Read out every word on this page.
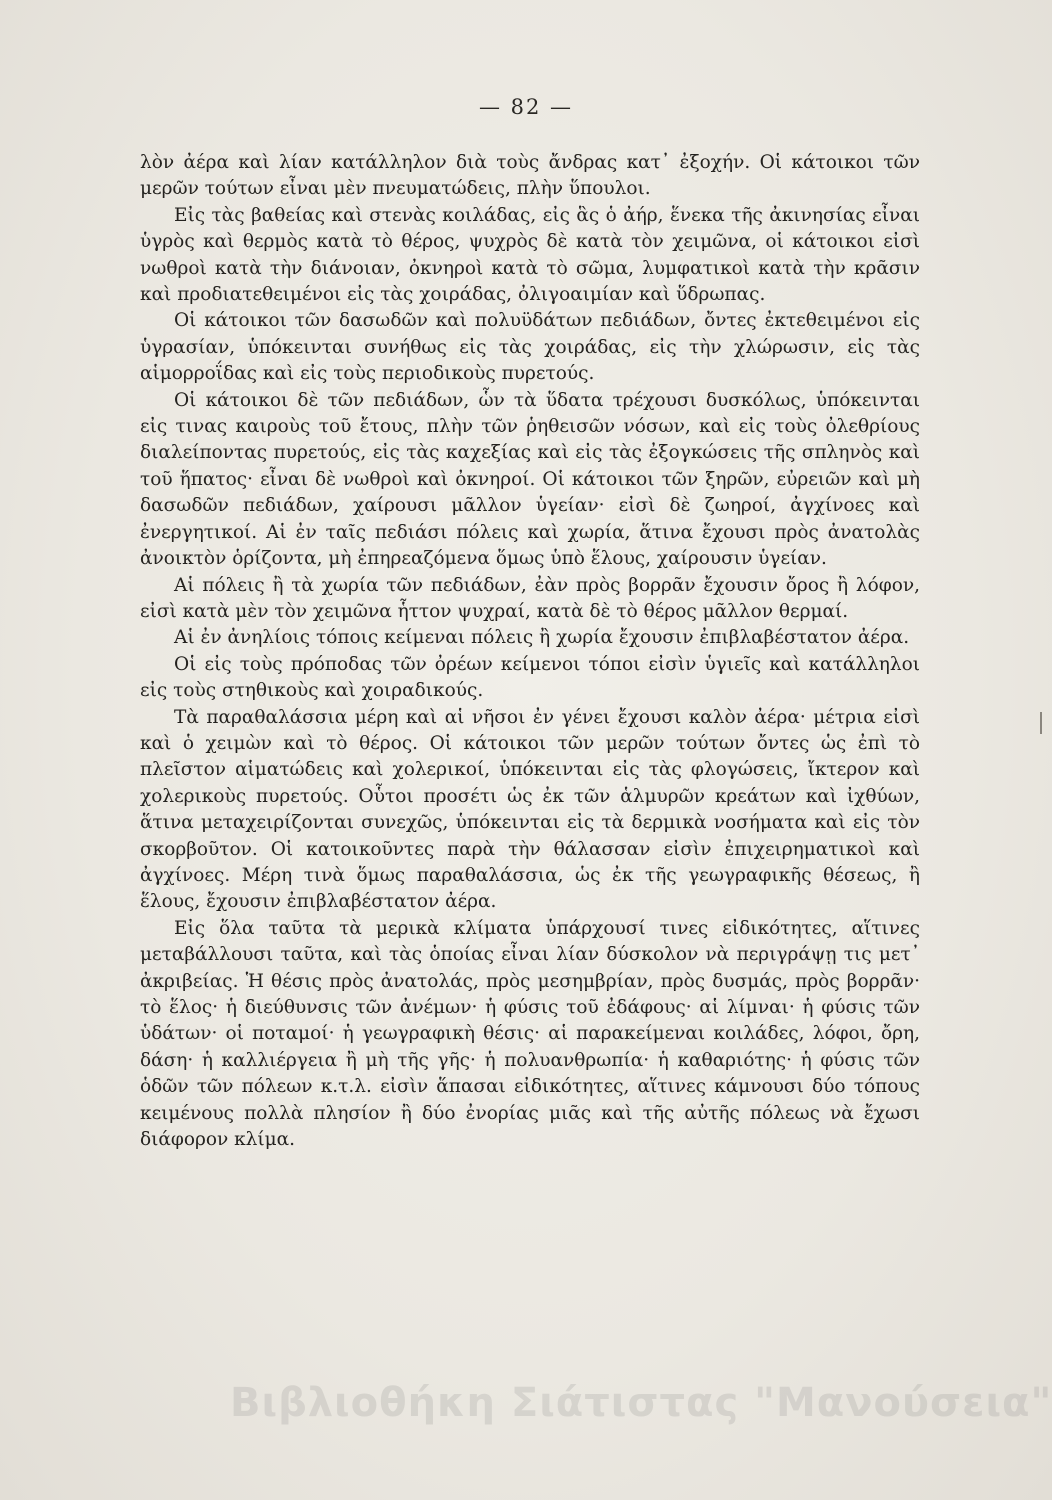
— 82 —

λὸν ἀέρα καὶ λίαν κατάλληλον διὰ τοὺς ἄνδρας κατ᾽ ἐξοχήν. Οἱ κάτοικοι τῶν μερῶν τούτων εἶναι μὲν πνευματώδεις, πλὴν ὕπουλοι.

Εἰς τὰς βαθείας καὶ στενὰς κοιλάδας, εἰς ἃς ὁ ἀήρ, ἕνεκα τῆς ἀκινησίας εἶναι ὑγρὸς καὶ θερμὸς κατὰ τὸ θέρος, ψυχρὸς δὲ κατὰ τὸν χειμῶνα, οἱ κάτοικοι εἰσὶ νωθροὶ κατὰ τὴν διάνοιαν, ὀκνηροὶ κατὰ τὸ σῶμα, λυμφατικοὶ κατὰ τὴν κρᾶσιν καὶ προδιατεθειμένοι εἰς τὰς χοιράδας, ὀλιγοαιμίαν καὶ ὕδρωπας.

Οἱ κάτοικοι τῶν δασωδῶν καὶ πολυϋδάτων πεδιάδων, ὄντες ἐκτεθειμένοι εἰς ὑγρασίαν, ὑπόκεινται συνήθως εἰς τὰς χοιράδας, εἰς τὴν χλώρωσιν, εἰς τὰς αἱμορροΐδας καὶ εἰς τοὺς περιοδικοὺς πυρετούς.

Οἱ κάτοικοι δὲ τῶν πεδιάδων, ὧν τὰ ὕδατα τρέχουσι δυσκόλως, ὑπόκεινται εἰς τινας καιροὺς τοῦ ἔτους, πλὴν τῶν ῥηθεισῶν νόσων, καὶ εἰς τοὺς ὀλεθρίους διαλείποντας πυρετούς, εἰς τὰς καχεξίας καὶ εἰς τὰς ἐξογκώσεις τῆς σπληνὸς καὶ τοῦ ἥπατος· εἶναι δὲ νωθροὶ καὶ ὀκνηροί. Οἱ κάτοικοι τῶν ξηρῶν, εὐρειῶν καὶ μὴ δασωδῶν πεδιάδων, χαίρουσι μᾶλλον ὑγείαν· εἰσὶ δὲ ζωηροί, ἀγχίνοες καὶ ἐνεργητικοί. Αἱ ἐν ταῖς πεδιάσι πόλεις καὶ χωρία, ἅτινα ἔχουσι πρὸς ἀνατολὰς ἀνοικτὸν ὁρίζοντα, μὴ ἐπηρεαζόμενα ὅμως ὑπὸ ἕλους, χαίρουσιν ὑγείαν.

Αἱ πόλεις ἢ τὰ χωρία τῶν πεδιάδων, ἐὰν πρὸς βορρᾶν ἔχουσιν ὄρος ἢ λόφον, εἰσὶ κατὰ μὲν τὸν χειμῶνα ἧττον ψυχραί, κατὰ δὲ τὸ θέρος μᾶλλον θερμαί.

Αἱ ἐν ἀνηλίοις τόποις κείμεναι πόλεις ἢ χωρία ἔχουσιν ἐπιβλαβέστατον ἀέρα.

Οἱ εἰς τοὺς πρόποδας τῶν ὀρέων κείμενοι τόποι εἰσὶν ὑγιεῖς καὶ κατάλληλοι εἰς τοὺς στηθικοὺς καὶ χοιραδικούς.

Τὰ παραθαλάσσια μέρη καὶ αἱ νῆσοι ἐν γένει ἔχουσι καλὸν ἀέρα· μέτρια εἰσὶ καὶ ὁ χειμὼν καὶ τὸ θέρος. Οἱ κάτοικοι τῶν μερῶν τούτων ὄντες ὡς ἐπὶ τὸ πλεῖστον αἱματώδεις καὶ χολερικοί, ὑπόκεινται εἰς τὰς φλογώσεις, ἴκτερον καὶ χολερικοὺς πυρετούς. Οὗτοι προσέτι ὡς ἐκ τῶν ἁλμυρῶν κρεάτων καὶ ἰχθύων, ἅτινα μεταχειρίζονται συνεχῶς, ὑπόκεινται εἰς τὰ δερμικὰ νοσήματα καὶ εἰς τὸν σκορβοῦτον. Οἱ κατοικοῦντες παρὰ τὴν θάλασσαν εἰσὶν ἐπιχειρηματικοὶ καὶ ἀγχίνοες. Μέρη τινὰ ὅμως παραθαλάσσια, ὡς ἐκ τῆς γεωγραφικῆς θέσεως, ἢ ἕλους, ἔχουσιν ἐπιβλαβέστατον ἀέρα.

Εἰς ὅλα ταῦτα τὰ μερικὰ κλίματα ὑπάρχουσί τινες εἰδικότητες, αἵτινες μεταβάλλουσι ταῦτα, καὶ τὰς ὁποίας εἶναι λίαν δύσκολον νὰ περιγράψῃ τις μετ᾽ ἀκριβείας. Ἡ θέσις πρὸς ἀνατολάς, πρὸς μεσημβρίαν, πρὸς δυσμάς, πρὸς βορρᾶν· τὸ ἕλος· ἡ διεύθυνσις τῶν ἀνέμων· ἡ φύσις τοῦ ἐδάφους· αἱ λίμναι· ἡ φύσις τῶν ὑδάτων· οἱ ποταμοί· ἡ γεωγραφικὴ θέσις· αἱ παρακείμεναι κοιλάδες, λόφοι, ὄρη, δάση· ἡ καλλιέργεια ἢ μὴ τῆς γῆς· ἡ πολυανθρωπία· ἡ καθαριότης· ἡ φύσις τῶν ὁδῶν τῶν πόλεων κ.τ.λ. εἰσὶν ἅπασαι εἰδικότητες, αἵτινες κάμνουσι δύο τόπους κειμένους πολλὰ πλησίον ἢ δύο ἐνορίας μιᾶς καὶ τῆς αὐτῆς πόλεως νὰ ἔχωσι διάφορον κλίμα.

Βιβλιοθήκη Σιάτιστας "Μανούσεια"
